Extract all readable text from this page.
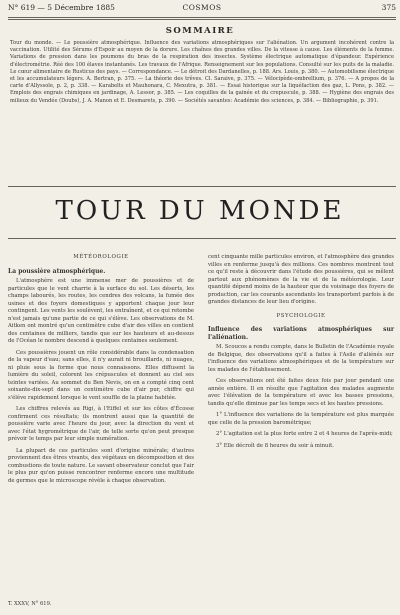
N° 619 — 5 Décembre 1885	COSMOS	375
SOMMAIRE
Tour du monde. — Le poussière atmosphérique. Influence des variations atmosphériques sur l'aliénation. Un argument incohérent contre la vaccination. Utilité des Sérums d'Espoir au moyen de la dorure. Les chaînes des grandes villes. De la vitesse à cause. Les éléments de la femme. Variations de pression dans les poumons du bras de la respiration des insectes. Système électrique automatique d'épandeur. Expérience d'électrométrie. Réé des 100 élaves instantanés. Les travaux de l'Afrique. Renseignement sur les populations. Consulté sur les puits de la maladie. Le cœur alimentaire de Rusticus des pays. — Correspondance. — Le détroit des Dardanelles, p. 188. Ars. Louis, p. 380. — Automobilisme électrique et les accumulateurs légers. A. Bertran, p. 375. — La théorie des trêves. Cl. Saraive, p. 375. — Vélocipède-ombrellium, p. 376. — A propos de la carte d'Allyssole, p. 2, p. 338. — Karabelts et Mauhonara, C. Mexutra, p. 381. — Essai historique sur la liquéfaction des gaz, L. Pons, p. 382. — Emplois des engrais chimiques en jardinage, A. Lessor, p. 385. — Les coquilles de la gainée et du crepuscule, p. 388. — Hygiène des engrais des milieux du Vendée (Doubs), J. A. Manon et E. Desmarets, p. 390. — Sociétés savantes: Académie des sciences, p. 384. — Bibliographie, p. 391.
TOUR DU MONDE
MÉTÉOROLOGIE
La poussière atmosphérique.
L'atmosphère est une immense mer de poussières et de particules que le vent charrie à la surface du sol. Les déserts, les champs labourés, les routes, les cendres des volcans, la fumée des usines et des foyers domestiques y apportent chaque jour leur contingent. Les vents les soulèvent, les entraînent, et ce qui retombe n'est jamais qu'une partie de ce qui s'élève. Les observations de M. Aitken ont montré qu'un centimètre cube d'air des villes en contient des centaines de milliers, tandis que sur les hauteurs et au-dessus de l'Océan le nombre descend à quelques centaines seulement.
Ces poussières jouent un rôle considérable dans la condensation de la vapeur d'eau; sans elles, il n'y aurait ni brouillards, ni nuages, ni pluie sous la forme que nous connaissons. Elles diffusent la lumière du soleil, colorent les crépuscules et donnent au ciel ses teintes variées. Au sommet du Ben Nevis, on en a compté cinq cent soixante-dix-sept dans un centimètre cube d'air pur, chiffre qui s'élève rapidement lorsque le vent souffle de la plaine habitée.
Les chiffres relevés au Rigi, à l'Eiffel et sur les côtes d'Écosse confirment ces résultats; ils montrent aussi que la quantité de poussière varie avec l'heure du jour, avec la direction du vent et avec l'état hygrométrique de l'air, de telle sorte qu'on peut presque prévoir le temps par leur simple numération.
La plupart de ces particules sont d'origine minérale; d'autres proviennent des êtres vivants, des végétaux en décomposition et des combustions de toute nature. Le savant observateur conclut que l'air le plus pur qu'on puisse rencontrer renferme encore une multitude de germes que le microscope révèle à chaque observation.
cent cinquante mille particules environ, et l'atmosphère des grandes villes en renferme jusqu'à des millions. Ces nombres montrent tout ce qu'il reste à découvrir dans l'étude des poussières, qui se mêlent partout aux phénomènes de la vie et de la météorologie. Leur quantité dépend moins de la hauteur que du voisinage des foyers de production, car les courants ascendants les transportent parfois à de grandes distances de leur lieu d'origine.
PSYCHOLOGIE
Influence des variations atmosphériques sur l'aliénation.
M. Scoucos a rendu compte, dans le Bulletin de l'Académie royale de Belgique, des observations qu'il a faites à l'Asile d'aliénés sur l'influence des variations atmosphériques et de la température sur les malades de l'établissement.
Ces observations ont été faites deux fois par jour pendant une année entière. Il en résulte que l'agitation des malades augmente avec l'élévation de la température et avec les basses pressions, tandis qu'elle diminue par les temps secs et les hautes pressions.
1° L'influence des variations de la température est plus marquée que celle de la pression barométrique;
2° L'agitation est la plus forte entre 2 et 4 heures de l'après-midi;
3° Elle décroît de 8 heures du soir à minuit.
T. XXXV, N° 619.
